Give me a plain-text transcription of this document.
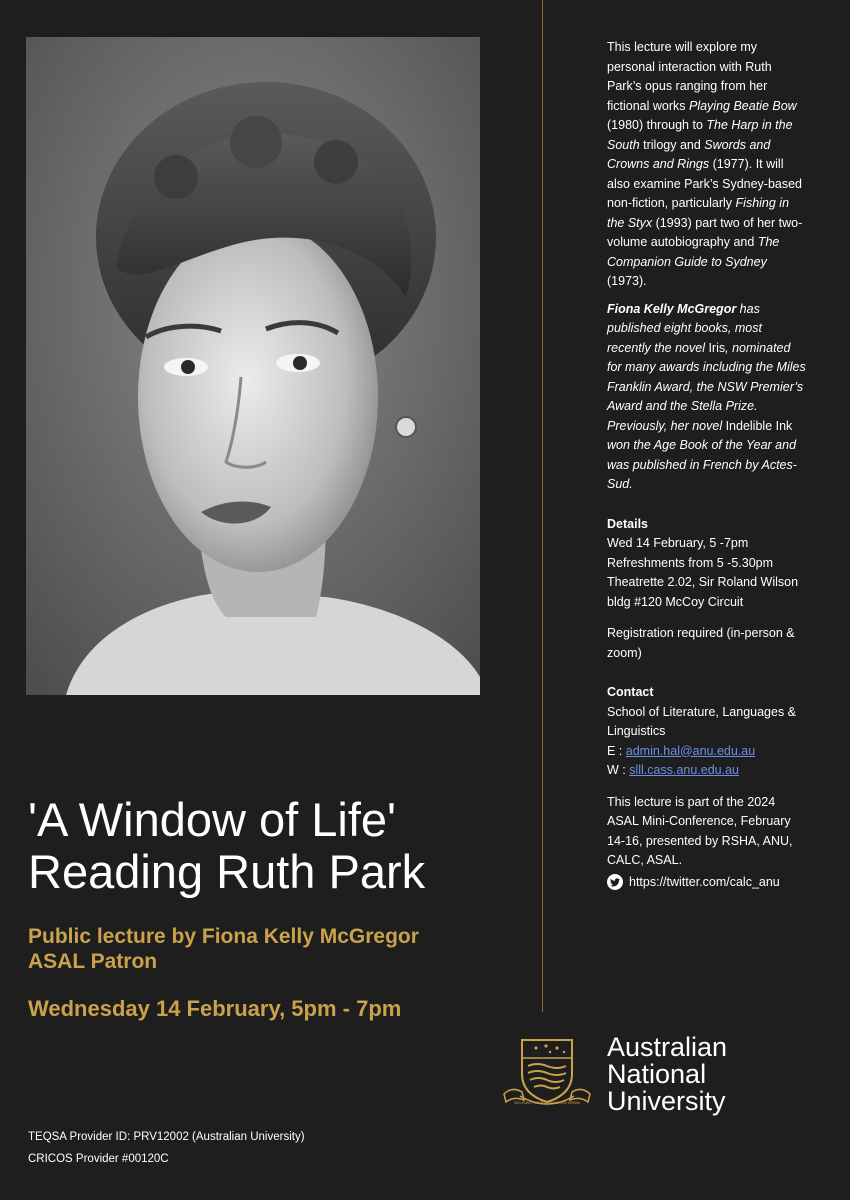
'A Window of Life'
Reading Ruth Park
Public lecture by Fiona Kelly McGregor
ASAL Patron
Wednesday 14 February, 5pm - 7pm
TEQSA Provider ID: PRV12002 (Australian University)
CRICOS Provider #00120C

This lecture will explore my personal interaction with Ruth Park’s opus ranging from her fictional works Playing Beatie Bow (1980) through to The Harp in the South trilogy and Swords and Crowns and Rings (1977). It will also examine Park’s Sydney-based non-fiction, particularly Fishing in the Styx (1993) part two of her two-volume autobiography and The Companion Guide to Sydney (1973).

Fiona Kelly McGregor has published eight books, most recently the novel Iris, nominated for many awards including the Miles Franklin Award, the NSW Premier’s Award and the Stella Prize. Previously, her novel Indelible Ink won the Age Book of the Year and was published in French by Actes-Sud.

Details
Wed 14 February, 5 -7pm
Refreshments from 5 -5.30pm
Theatrette 2.02, Sir Roland Wilson bldg #120 McCoy Circuit

Registration required (in-person & zoom)

Contact
School of Literature, Languages & Linguistics
E : admin.hal@anu.edu.au
W : slll.cass.anu.edu.au

This lecture is part of the 2024 ASAL Mini-Conference, February 14-16, presented by RSHA, ANU, CALC, ASAL.

https://twitter.com/calc_anu
NATURAM PRIMUM COGNOSCERE RERUM
Australian
National
University
